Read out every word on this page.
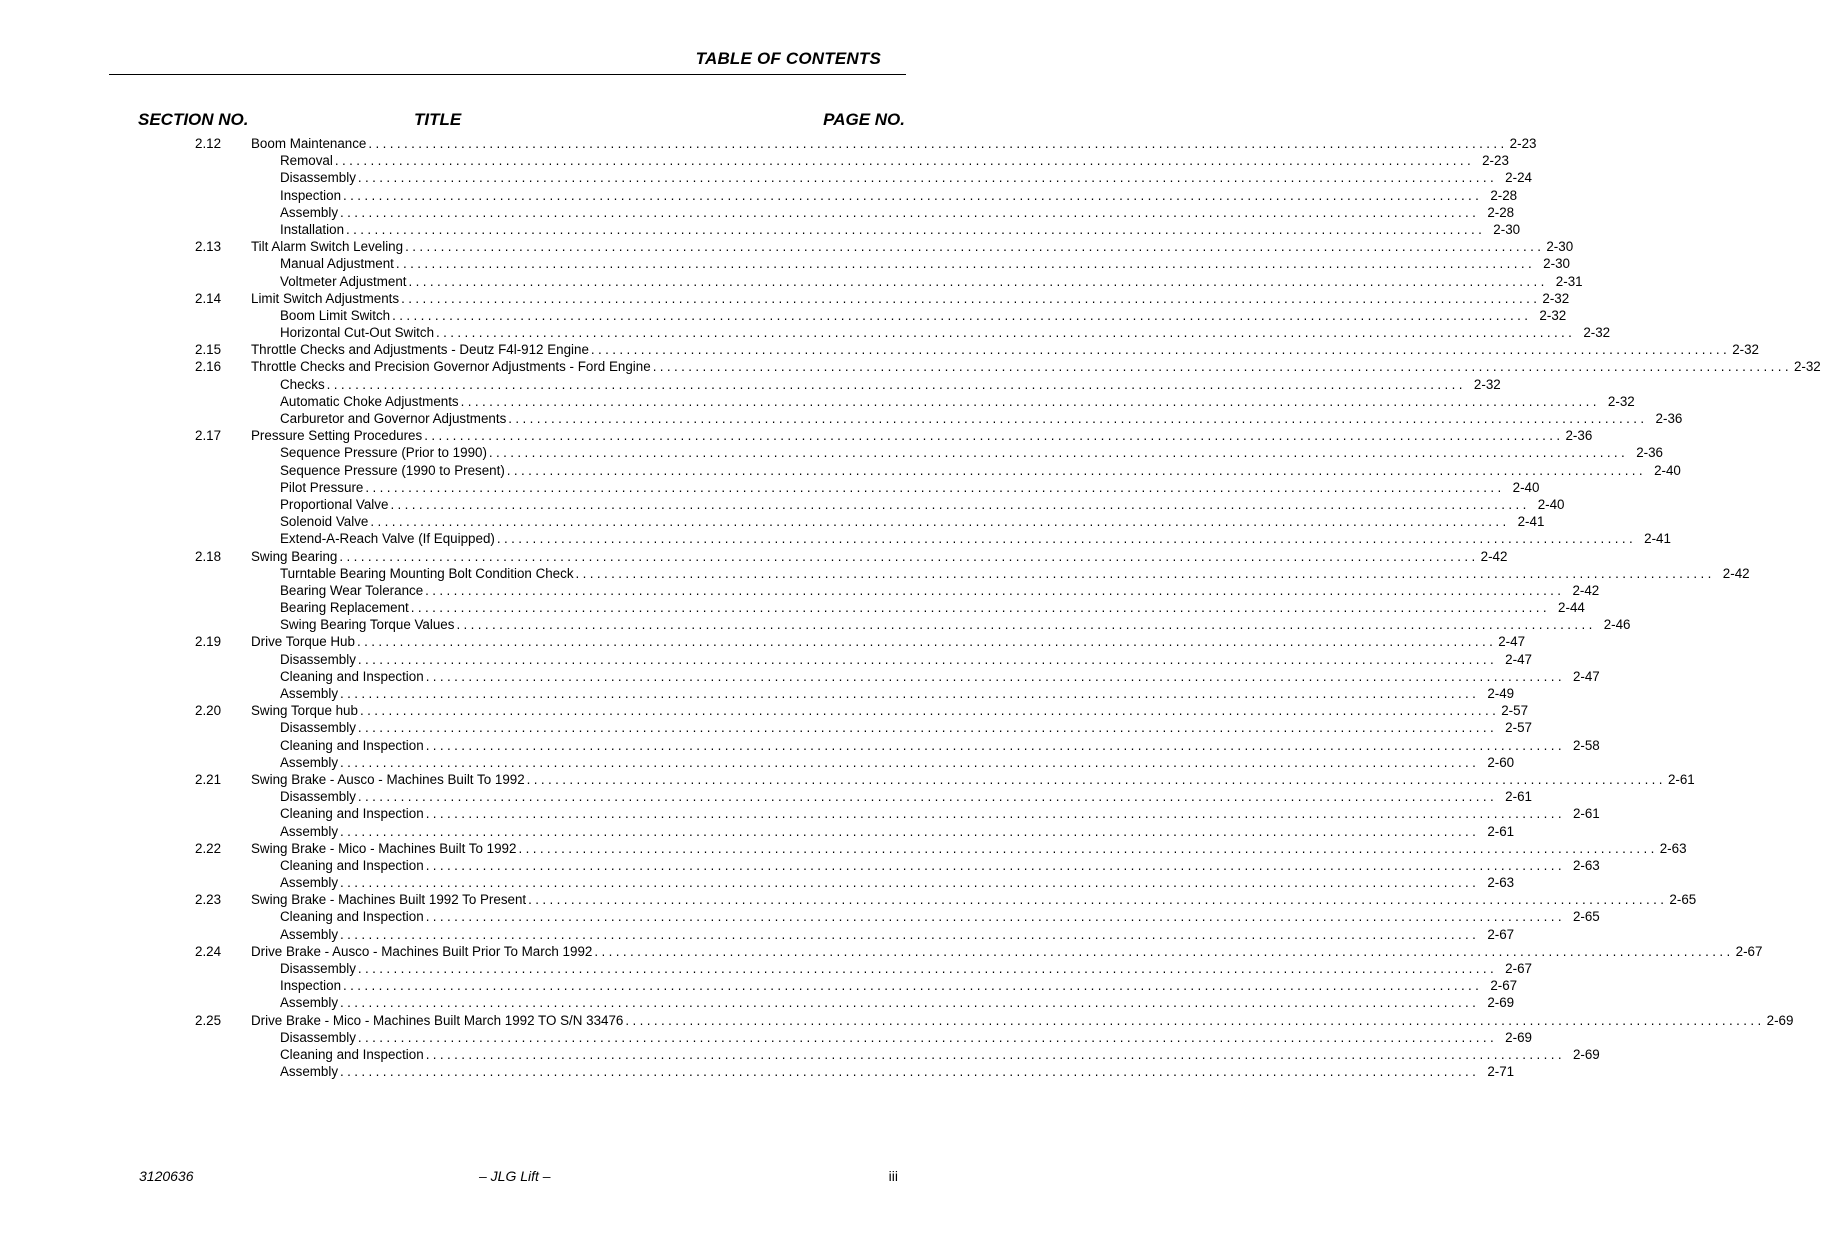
TABLE OF CONTENTS
SECTION NO.	TITLE	PAGE NO.
2.12 Boom Maintenance ................................................................................................................................................................ 2-23
Removal ................................................................................................................................................................ 2-23
Disassembly ................................................................................................................................................................ 2-24
Inspection ................................................................................................................................................................ 2-28
Assembly ................................................................................................................................................................ 2-28
Installation ................................................................................................................................................................ 2-30
2.13 Tilt Alarm Switch Leveling ................................................................................................................................................................ 2-30
Manual Adjustment ................................................................................................................................................................ 2-30
Voltmeter Adjustment ................................................................................................................................................................ 2-31
2.14 Limit Switch Adjustments ................................................................................................................................................................ 2-32
Boom Limit Switch ................................................................................................................................................................ 2-32
Horizontal Cut-Out Switch ................................................................................................................................................................ 2-32
2.15 Throttle Checks and Adjustments - Deutz F4l-912 Engine ................................................................................................................................................................ 2-32
2.16 Throttle Checks and Precision Governor Adjustments - Ford Engine ................................................................................................................................................................ 2-32
Checks ................................................................................................................................................................ 2-32
Automatic Choke Adjustments ................................................................................................................................................................ 2-32
Carburetor and Governor Adjustments ................................................................................................................................................................ 2-36
2.17 Pressure Setting Procedures ................................................................................................................................................................ 2-36
Sequence Pressure (Prior to 1990) ................................................................................................................................................................ 2-36
Sequence Pressure (1990 to Present) ................................................................................................................................................................ 2-40
Pilot Pressure ................................................................................................................................................................ 2-40
Proportional Valve ................................................................................................................................................................ 2-40
Solenoid Valve ................................................................................................................................................................ 2-41
Extend-A-Reach Valve (If Equipped) ................................................................................................................................................................ 2-41
2.18 Swing Bearing ................................................................................................................................................................ 2-42
Turntable Bearing Mounting Bolt Condition Check ................................................................................................................................................................ 2-42
Bearing Wear Tolerance ................................................................................................................................................................ 2-42
Bearing Replacement ................................................................................................................................................................ 2-44
Swing Bearing Torque Values ................................................................................................................................................................ 2-46
2.19 Drive Torque Hub ................................................................................................................................................................ 2-47
Disassembly ................................................................................................................................................................ 2-47
Cleaning and Inspection ................................................................................................................................................................ 2-47
Assembly ................................................................................................................................................................ 2-49
2.20 Swing Torque hub ................................................................................................................................................................ 2-57
Disassembly ................................................................................................................................................................ 2-57
Cleaning and Inspection ................................................................................................................................................................ 2-58
Assembly ................................................................................................................................................................ 2-60
2.21 Swing Brake - Ausco - Machines Built To 1992 ................................................................................................................................................................ 2-61
Disassembly ................................................................................................................................................................ 2-61
Cleaning and Inspection ................................................................................................................................................................ 2-61
Assembly ................................................................................................................................................................ 2-61
2.22 Swing Brake - Mico - Machines Built To 1992 ................................................................................................................................................................ 2-63
Cleaning and Inspection ................................................................................................................................................................ 2-63
Assembly ................................................................................................................................................................ 2-63
2.23 Swing Brake - Machines Built 1992 To Present ................................................................................................................................................................ 2-65
Cleaning and Inspection ................................................................................................................................................................ 2-65
Assembly ................................................................................................................................................................ 2-67
2.24 Drive Brake - Ausco - Machines Built Prior To March 1992 ................................................................................................................................................................ 2-67
Disassembly ................................................................................................................................................................ 2-67
Inspection ................................................................................................................................................................ 2-67
Assembly ................................................................................................................................................................ 2-69
2.25 Drive Brake - Mico - Machines Built March 1992 TO S/N 33476 ................................................................................................................................................................ 2-69
Disassembly ................................................................................................................................................................ 2-69
Cleaning and Inspection ................................................................................................................................................................ 2-69
Assembly ................................................................................................................................................................ 2-71
3120636	– JLG Lift –	iii
